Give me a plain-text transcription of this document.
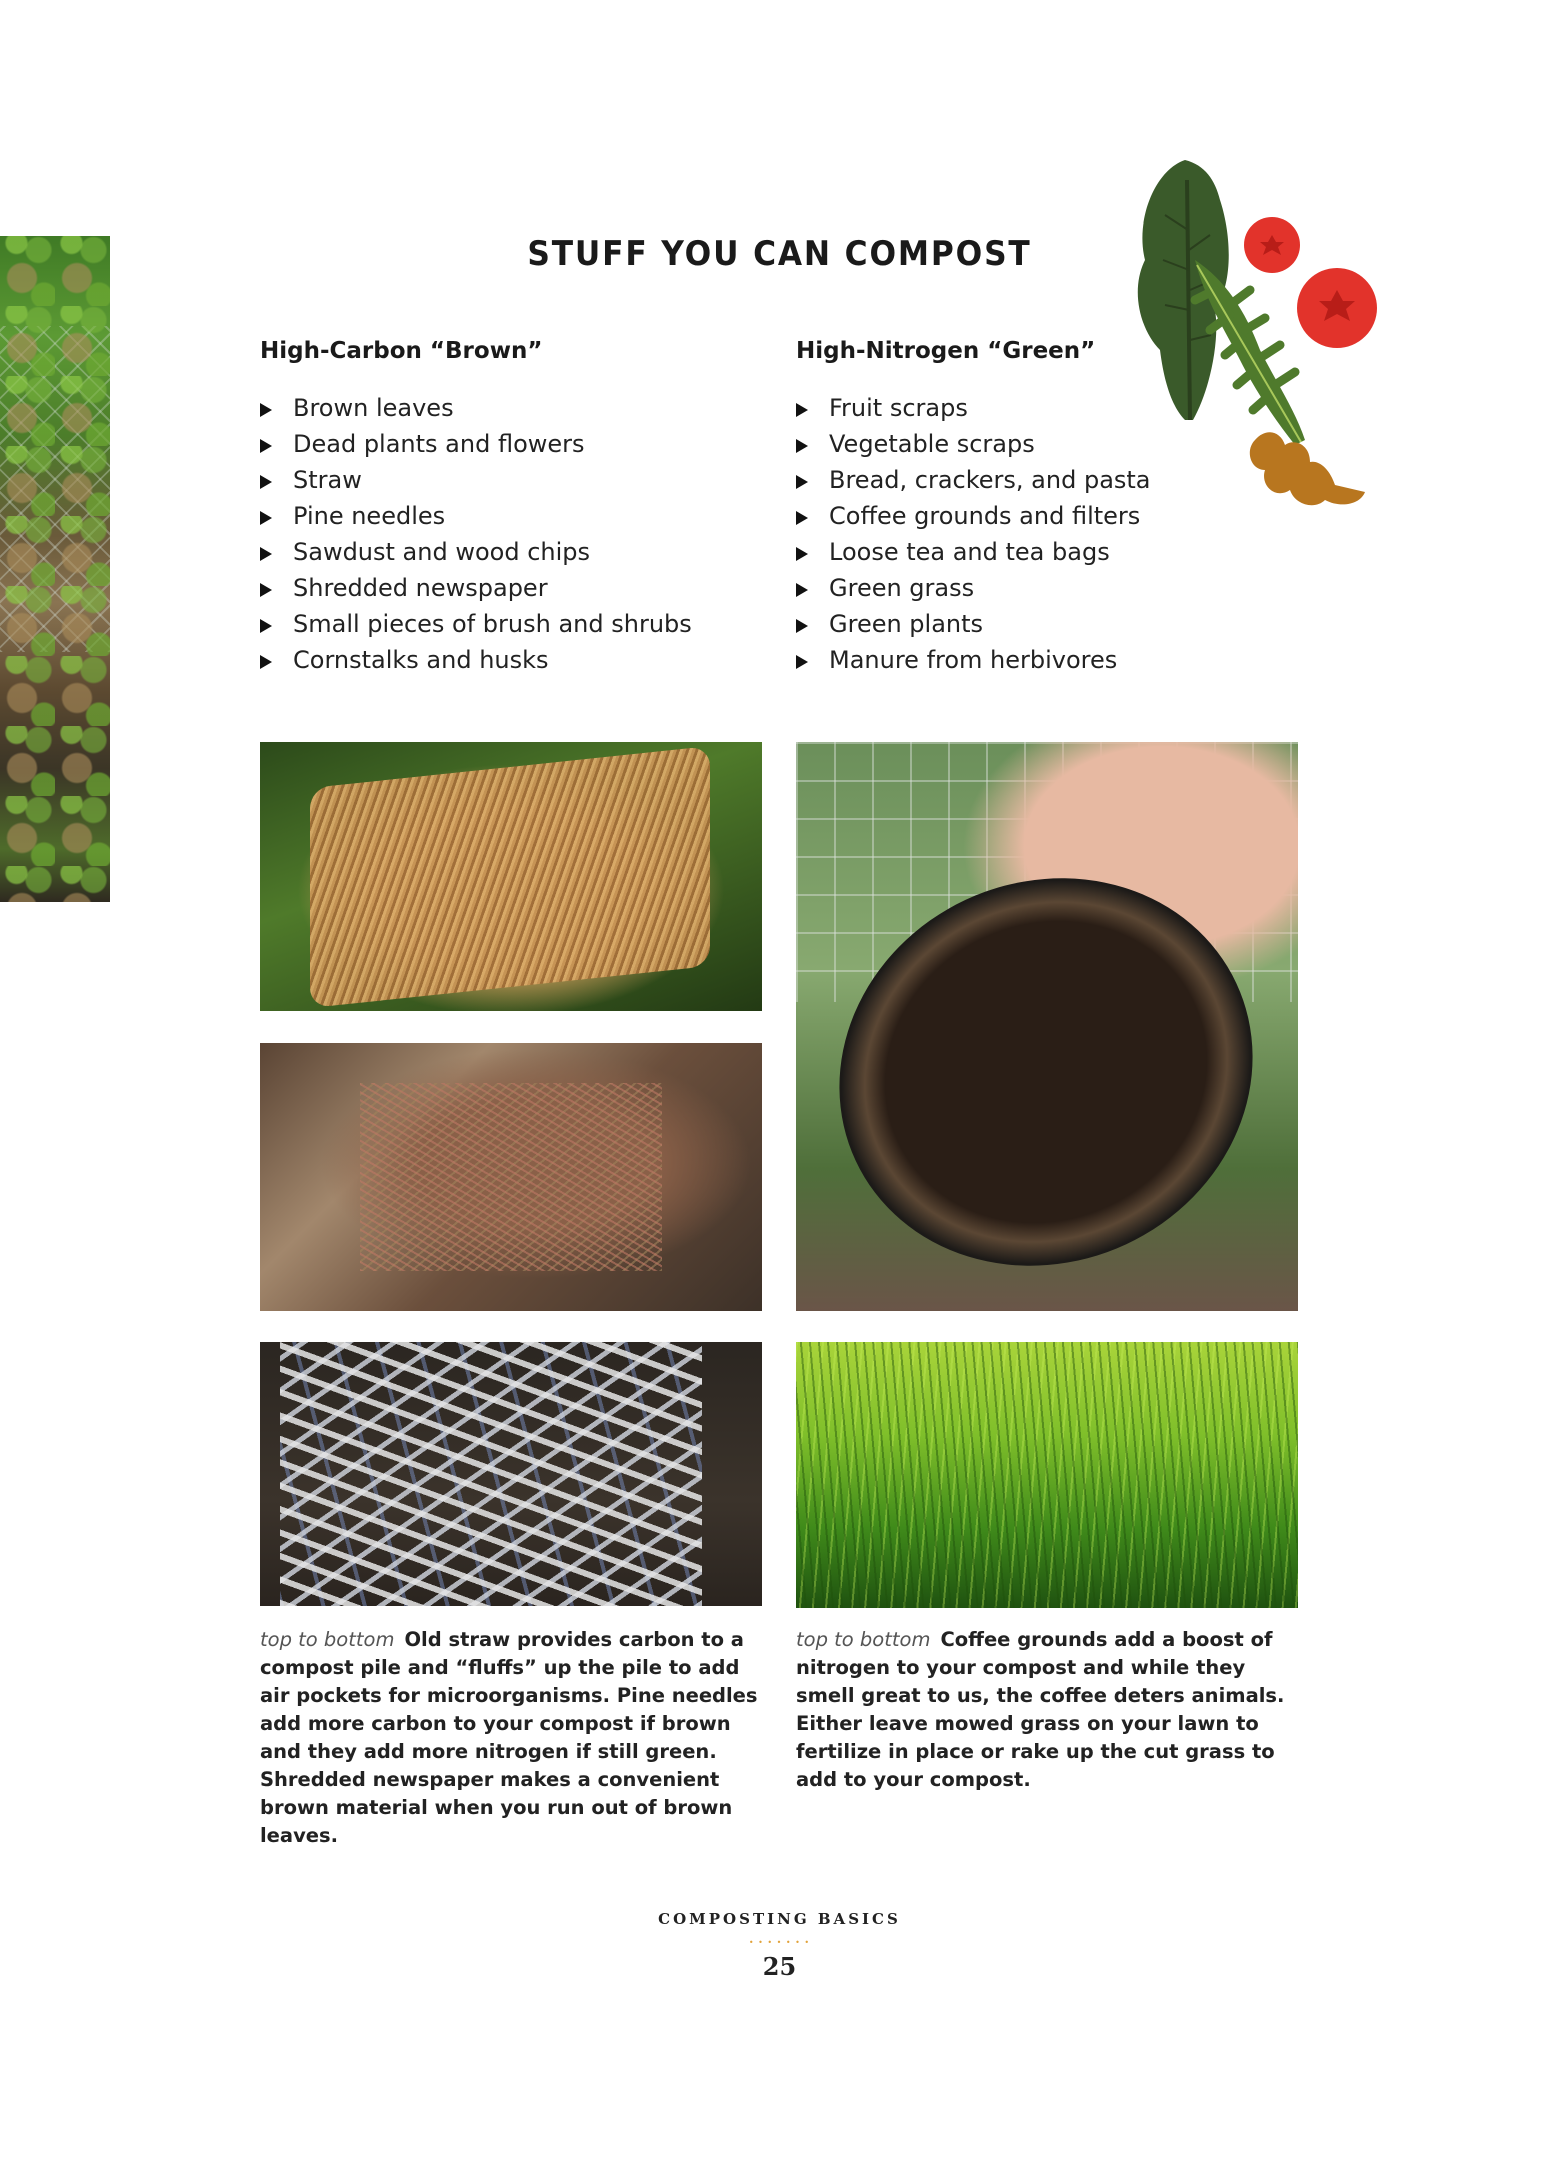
STUFF YOU CAN COMPOST
High-Carbon “Brown”	High-Nitrogen “Green”
Brown leaves
Dead plants and flowers
Straw
Pine needles
Sawdust and wood chips
Shredded newspaper
Small pieces of brush and shrubs
Cornstalks and husks
Fruit scraps
Vegetable scraps
Bread, crackers, and pasta
Coffee grounds and filters
Loose tea and tea bags
Green grass
Green plants
Manure from herbivores
top to bottom Old straw provides carbon to a compost pile and “fluffs” up the pile to add air pockets for microorganisms. Pine needles add more carbon to your compost if brown and they add more nitrogen if still green. Shredded newspaper makes a convenient brown material when you run out of brown leaves.
top to bottom Coffee grounds add a boost of nitrogen to your compost and while they smell great to us, the coffee deters animals. Either leave mowed grass on your lawn to fertilize in place or rake up the cut grass to add to your compost.
COMPOSTING BASICS
• • • • • • •
25
